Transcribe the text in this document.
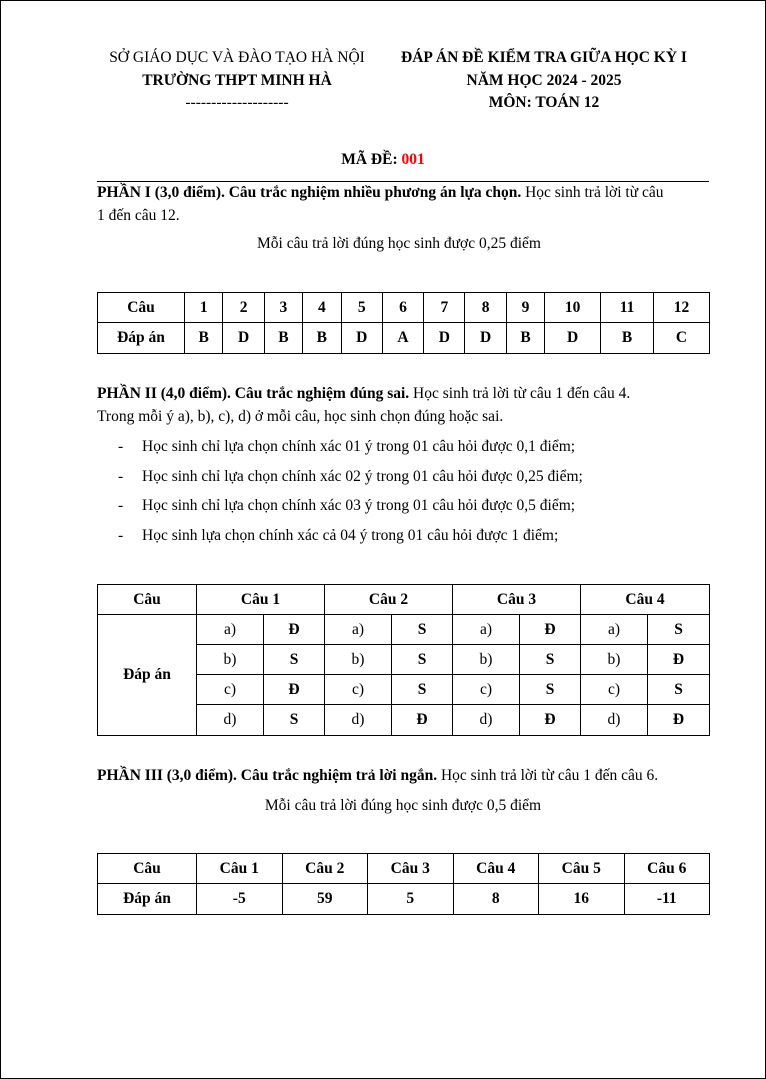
SỞ GIÁO DỤC VÀ ĐÀO TẠO HÀ NỘI
TRƯỜNG THPT MINH HÀ
--------------------
ĐÁP ÁN ĐỀ KIỂM TRA GIỮA HỌC KỲ I
NĂM HỌC 2024 - 2025
MÔN: TOÁN 12
MÃ ĐỀ: 001
PHẦN I (3,0 điểm). Câu trắc nghiệm nhiều phương án lựa chọn. Học sinh trả lời từ câu
1 đến câu 12.
Mỗi câu trả lời đúng học sinh được 0,25 điểm
Câu	1	2	3	4	5	6	7	8	9	10	11	12
Đáp án	B	D	B	B	D	A	D	D	B	D	B	C
PHẦN II (4,0 điểm). Câu trắc nghiệm đúng sai. Học sinh trả lời từ câu 1 đến câu 4.
Trong mỗi ý a), b), c), d) ở mỗi câu, học sinh chọn đúng hoặc sai.
- Học sinh chỉ lựa chọn chính xác 01 ý trong 01 câu hỏi được 0,1 điểm;
- Học sinh chỉ lựa chọn chính xác 02 ý trong 01 câu hỏi được 0,25 điểm;
- Học sinh chỉ lựa chọn chính xác 03 ý trong 01 câu hỏi được 0,5 điểm;
- Học sinh lựa chọn chính xác cả 04 ý trong 01 câu hỏi được 1 điểm;
Câu	Câu 1		Câu 2		Câu 3		Câu 4	
Đáp án	a)	Đ	a)	S	a)	Đ	a)	S
	b)	S	b)	S	b)	S	b)	Đ
	c)	Đ	c)	S	c)	S	c)	S
	d)	S	d)	Đ	d)	Đ	d)	Đ
PHẦN III (3,0 điểm). Câu trắc nghiệm trả lời ngắn. Học sinh trả lời từ câu 1 đến câu 6.
Mỗi câu trả lời đúng học sinh được 0,5 điểm
Câu	Câu 1	Câu 2	Câu 3	Câu 4	Câu 5	Câu 6
Đáp án	-5	59	5	8	16	-11
